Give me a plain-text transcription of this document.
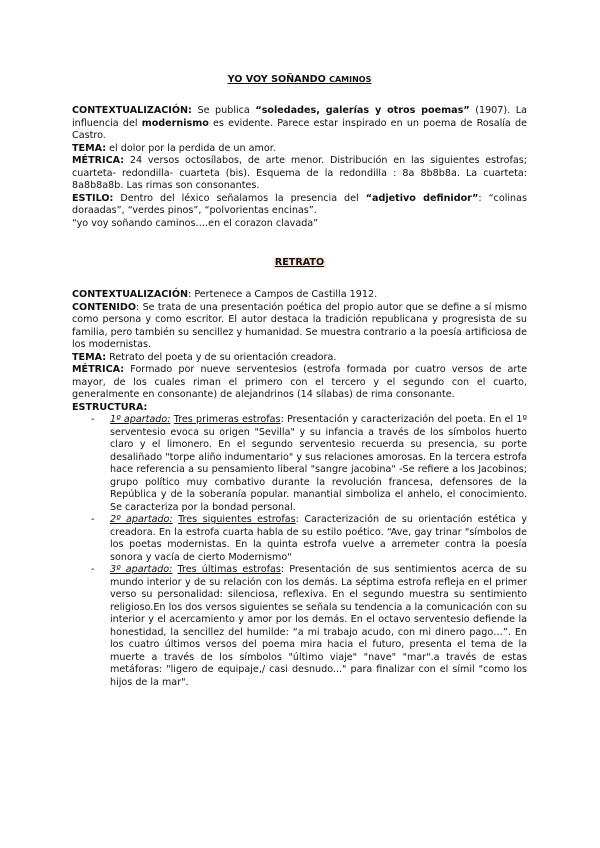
YO VOY SOÑANDO CAMINOS

CONTEXTUALIZACIÓN: Se publica “soledades, galerías y otros poemas” (1907). La influencia del modernismo es evidente. Parece estar inspirado en un poema de Rosalía de Castro.

TEMA: el dolor por la perdida de un amor.

MÉTRICA: 24 versos octosílabos, de arte menor. Distribución en las siguientes estrofas; cuarteta- redondilla- cuarteta (bis). Esquema de la redondilla : 8a 8b8b8a. La cuarteta: 8a8b8a8b. Las rimas son consonantes.

ESTILO: Dentro del léxico señalamos la presencia del “adjetivo definidor”: “colinas doraadas”, “verdes pinos”, “polvorientas encinas”.

“yo voy soñando caminos….en el corazon clavada”

RETRATO

CONTEXTUALIZACIÓN: Pertenece a Campos de Castilla 1912.

CONTENIDO: Se trata de una presentación poética del propio autor que se define a sí mismo como persona y como escritor. El autor destaca la tradición republicana y progresista de su familia, pero también su sencillez y humanidad. Se muestra contrario a la poesía artificiosa de los modernistas.

TEMA: Retrato del poeta y de su orientación creadora.

MÉTRICA: Formado por nueve serventesios (estrofa formada por cuatro versos de arte mayor, de los cuales riman el primero con el tercero y el segundo con el cuarto, generalmente en consonante) de alejandrinos (14 sílabas) de rima consonante.

ESTRUCTURA:

- 1º apartado: Tres primeras estrofas: Presentación y caracterización del poeta. En el 1º serventesio evoca su origen "Sevilla" y su infancia a través de los símbolos huerto claro y el limonero. En el segundo serventesio recuerda su presencia, su porte desaliñado "torpe aliño indumentario" y sus relaciones amorosas. En la tercera estrofa hace referencia a su pensamiento liberal "sangre jacobina" -Se refiere a los Jacobinos; grupo político muy combativo durante la revolución francesa, defensores de la República y de la soberanía popular. manantial simboliza el anhelo, el conocimiento. Se caracteriza por la bondad personal.
- 2º apartado: Tres siguientes estrofas: Caracterización de su orientación estética y creadora. En la estrofa cuarta habla de su estilo poético. “Ave, gay trinar "símbolos de los poetas modernistas. En la quinta estrofa vuelve a arremeter contra la poesía sonora y vacía de cierto Modernismo"
- 3º apartado: Tres últimas estrofas: Presentación de sus sentimientos acerca de su mundo interior y de su relación con los demás. La séptima estrofa refleja en el primer verso su personalidad: silenciosa, reflexiva. En el segundo muestra su sentimiento religioso.En los dos versos siguientes se señala su tendencia a la comunicación con su interior y el acercamiento y amor por los demás. En el octavo serventesio defiende la honestidad, la sencillez del humilde: “a mi trabajo acudo, con mi dinero pago…”. En los cuatro últimos versos del poema mira hacia el futuro, presenta el tema de la muerte a través de los símbolos "último viaje" "nave" "mar".a través de estas metáforas: "ligero de equipaje,/ casi desnudo..." para finalizar con el símil "como los hijos de la mar".
